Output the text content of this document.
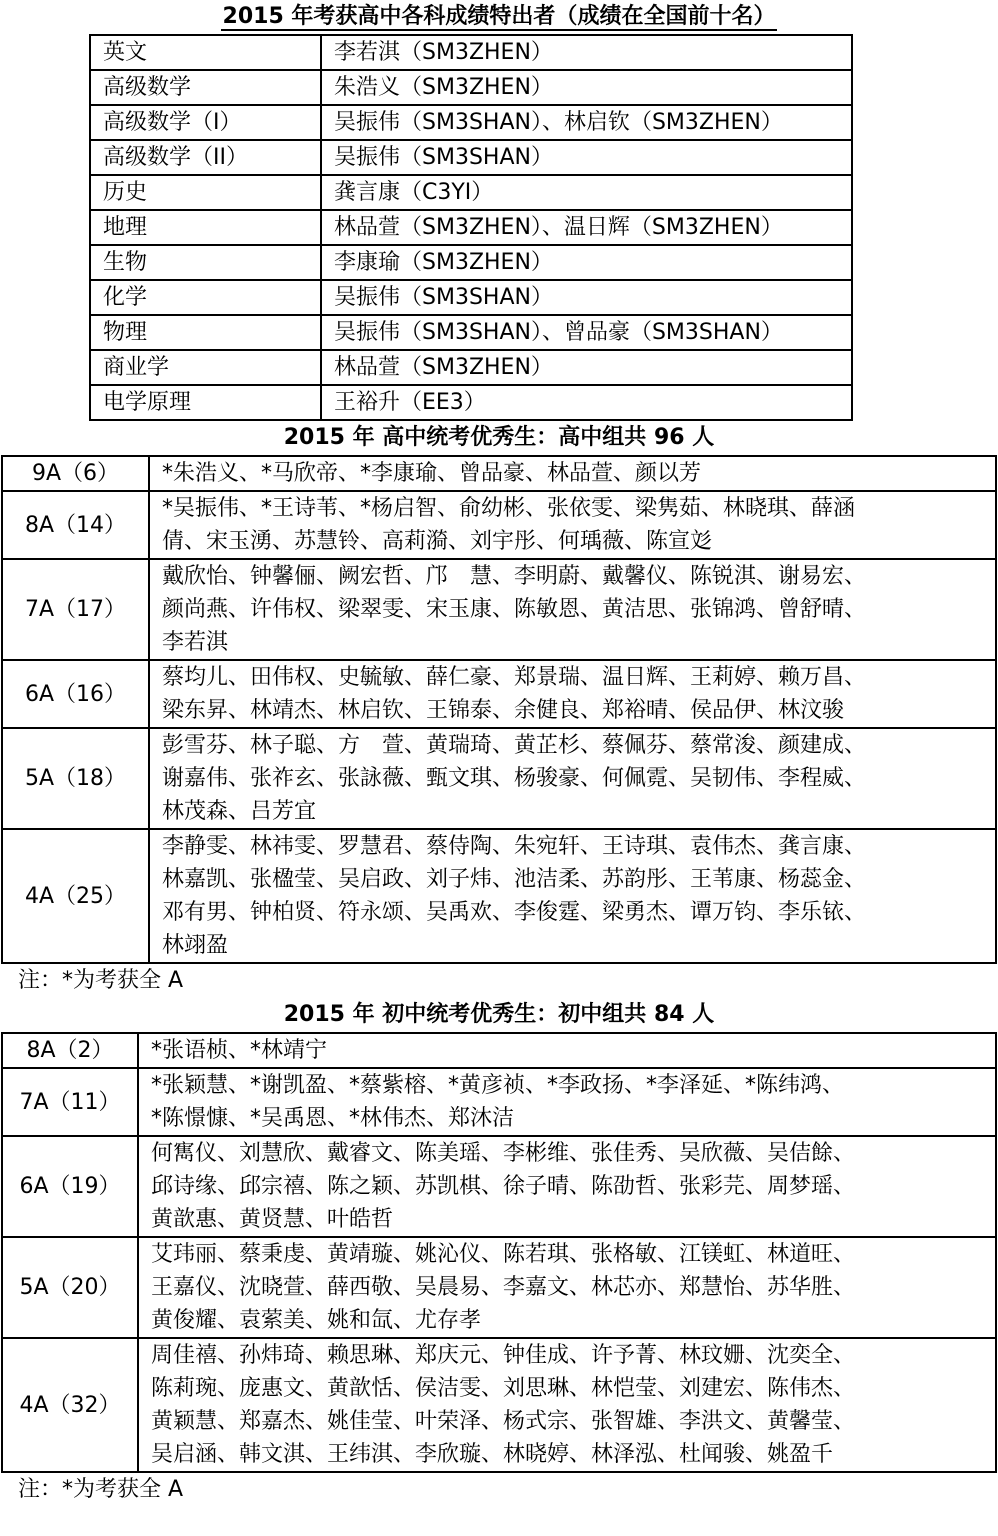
2015 年考获高中各科成绩特出者（成绩在全国前十名）
英文	李若淇（SM3ZHEN）
高级数学	朱浩义（SM3ZHEN）
高级数学（I）	吴振伟（SM3SHAN）、林启钦（SM3ZHEN）
高级数学（II）	吴振伟（SM3SHAN）
历史	龚言康（C3YI）
地理	林品萱（SM3ZHEN）、温日辉（SM3ZHEN）
生物	李康瑜（SM3ZHEN）
化学	吴振伟（SM3SHAN）
物理	吴振伟（SM3SHAN）、曾品豪（SM3SHAN）
商业学	林品萱（SM3ZHEN）
电学原理	王裕升（EE3）
2015 年 高中统考优秀生：高中组共 96 人
9A（6）	*朱浩义、*马欣帝、*李康瑜、曾品豪、林品萱、颜以芳

8A（14）	*吴振伟、*王诗苇、*杨启智、俞幼彬、张依雯、梁隽茹、林晓琪、薛涵
倩、宋玉湧、苏慧铃、高莉漪、刘宇彤、何瑀薇、陈宣彣

7A（17）	戴欣怡、钟馨俪、阙宏哲、邝　慧、李明蔚、戴馨仪、陈锐淇、谢易宏、
颜尚燕、许伟权、梁翠雯、宋玉康、陈敏恩、黄洁思、张锦鸿、曾舒晴、
李若淇

6A（16）	蔡均儿、田伟权、史毓敏、薛仁豪、郑景瑞、温日辉、王莉婷、赖万昌、
梁东昇、林靖杰、林启钦、王锦泰、余健良、郑裕晴、侯品伊、林汶骏

5A（18）	彭雪芬、林子聪、方　萱、黄瑞琦、黄芷杉、蔡佩芬、蔡常浚、颜建成、
谢嘉伟、张祚玄、张詠薇、甄文琪、杨骏豪、何佩霓、吴韧伟、李程威、
林茂森、吕芳宜

4A（25）	李静雯、林祎雯、罗慧君、蔡侍陶、朱宛轩、王诗琪、袁伟杰、龚言康、
林嘉凯、张楹莹、吴启政、刘子炜、池洁柔、苏韵彤、王苇康、杨蕊金、
邓有男、钟柏贤、符永颂、吴禹欢、李俊霆、梁勇杰、谭万钧、李乐铱、
林翊盈
注：*为考获全 A
2015 年 初中统考优秀生：初中组共 84 人
8A（2）	*张语桢、*林靖宁

7A（11）	*张颖慧、*谢凯盈、*蔡紫榕、*黄彦祯、*李政扬、*李泽延、*陈纬鸿、
*陈憬慷、*吴禹恩、*林伟杰、郑沐洁

6A（19）	何寯仪、刘慧欣、戴睿文、陈美瑶、李彬维、张佳秀、吴欣薇、吴佶餘、
邱诗缘、邱宗禧、陈之颖、苏凯棋、徐子晴、陈劭哲、张彩芫、周梦瑶、
黄歆惠、黄贤慧、叶皓哲

5A（20）	艾玮丽、蔡秉虔、黄靖璇、姚沁仪、陈若琪、张格敏、江镁虹、林道旺、
王嘉仪、沈晓萱、薛西敬、吴晨易、李嘉文、林芯亦、郑慧怡、苏华胜、
黄俊耀、袁萦美、姚和氙、尤存孝

4A（32）	周佳禧、孙炜琦、赖思琳、郑庆元、钟佳成、许予菁、林玟姗、沈奕全、
陈莉琬、庞惠文、黄歆恬、侯洁雯、刘思琳、林恺莹、刘建宏、陈伟杰、
黄颖慧、郑嘉杰、姚佳莹、叶荣泽、杨式宗、张智雄、李洪文、黄馨莹、
吴启涵、韩文淇、王纬淇、李欣璇、林晓婷、林泽泓、杜闻骏、姚盈千
注：*为考获全 A
